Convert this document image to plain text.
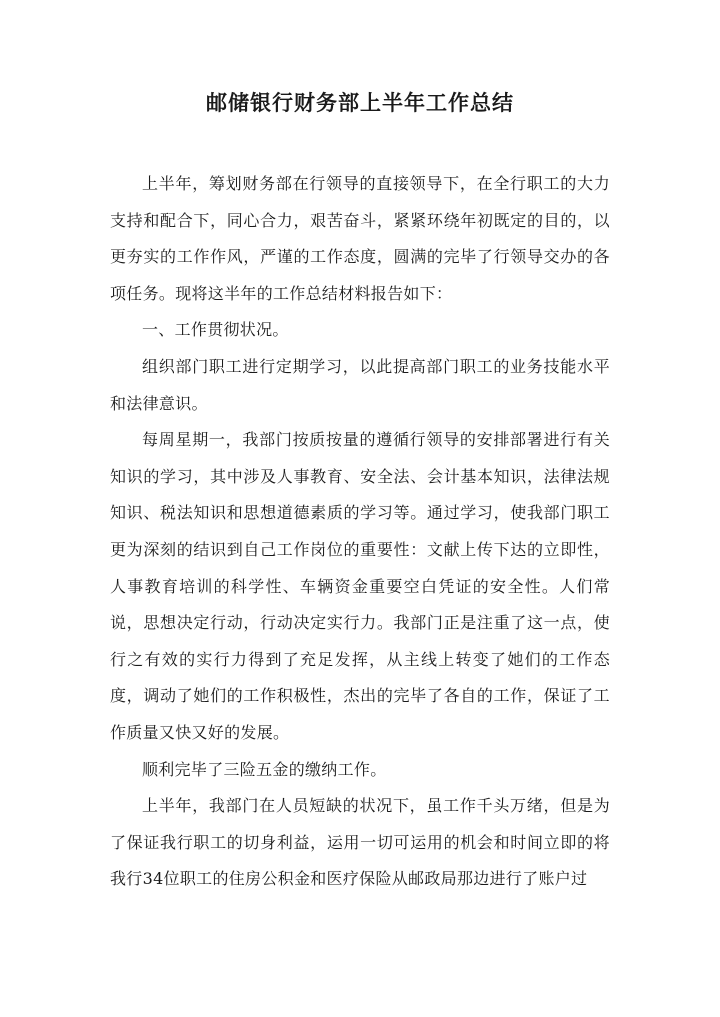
邮储银行财务部上半年工作总结

上半年，筹划财务部在行领导的直接领导下，在全行职工的大力支持和配合下，同心合力，艰苦奋斗，紧紧环绕年初既定的目的，以更夯实的工作作风，严谨的工作态度，圆满的完毕了行领导交办的各项任务。现将这半年的工作总结材料报告如下：

一、工作贯彻状况。

组织部门职工进行定期学习，以此提高部门职工的业务技能水平和法律意识。

每周星期一，我部门按质按量的遵循行领导的安排部署进行有关知识的学习，其中涉及人事教育、安全法、会计基本知识，法律法规知识、税法知识和思想道德素质的学习等。通过学习，使我部门职工更为深刻的结识到自己工作岗位的重要性：文献上传下达的立即性，人事教育培训的科学性、车辆资金重要空白凭证的安全性。人们常说，思想决定行动，行动决定实行力。我部门正是注重了这一点，使行之有效的实行力得到了充足发挥，从主线上转变了她们的工作态度，调动了她们的工作积极性，杰出的完毕了各自的工作，保证了工作质量又快又好的发展。

顺利完毕了三险五金的缴纳工作。

上半年，我部门在人员短缺的状况下，虽工作千头万绪，但是为了保证我行职工的切身利益，运用一切可运用的机会和时间立即的将我行34位职工的住房公积金和医疗保险从邮政局那边进行了账户过
